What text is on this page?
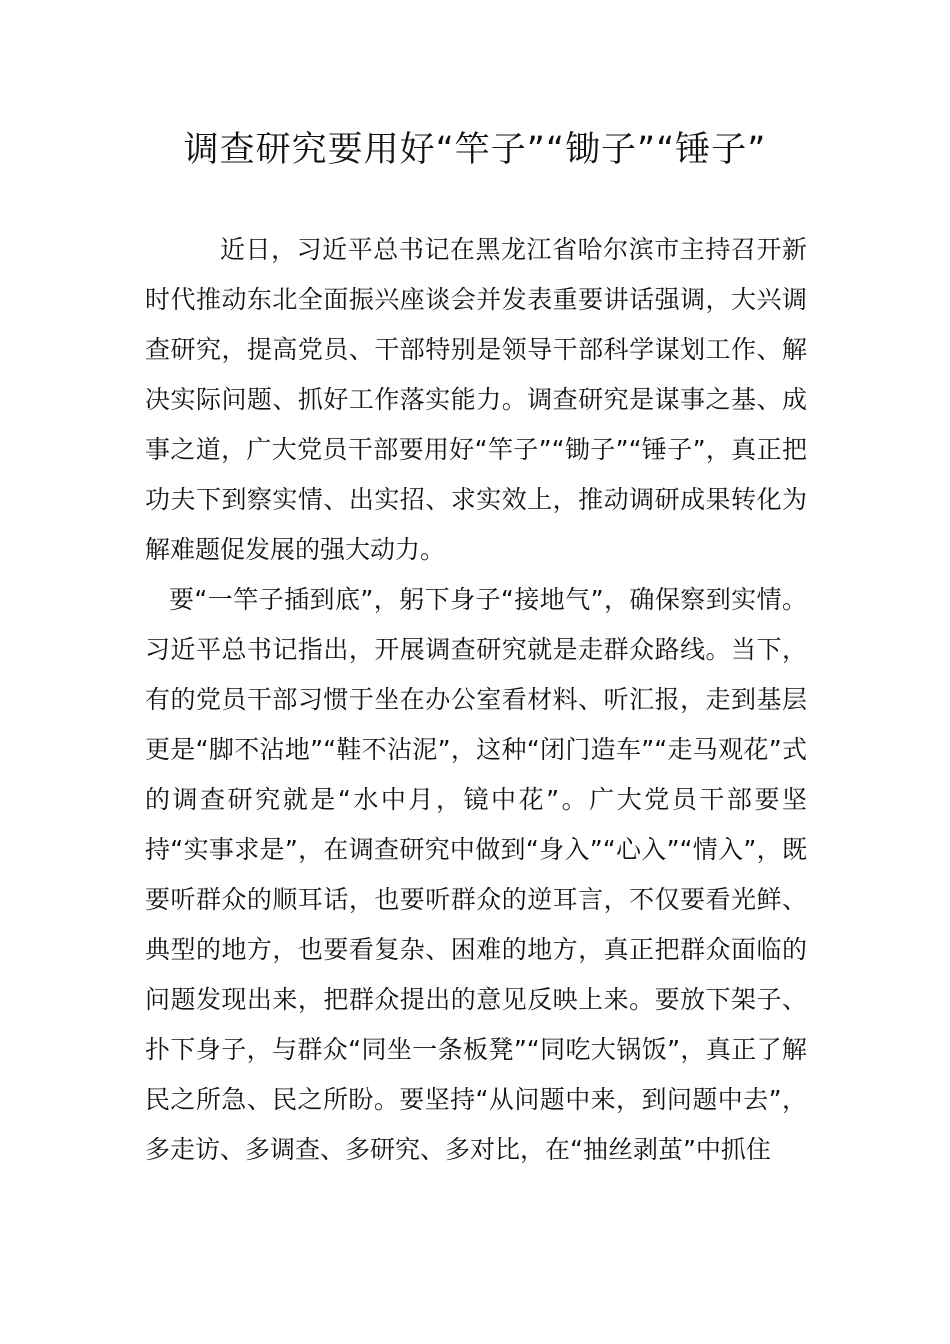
调查研究要用好“竿子”“锄子”“锤子”

近日，习近平总书记在黑龙江省哈尔滨市主持召开新时代推动东北全面振兴座谈会并发表重要讲话强调，大兴调查研究，提高党员、干部特别是领导干部科学谋划工作、解决实际问题、抓好工作落实能力。调查研究是谋事之基、成事之道，广大党员干部要用好“竿子”“锄子”“锤子”，真正把功夫下到察实情、出实招、求实效上，推动调研成果转化为解难题促发展的强大动力。

要“一竿子插到底”，躬下身子“接地气”，确保察到实情。习近平总书记指出，开展调查研究就是走群众路线。当下，有的党员干部习惯于坐在办公室看材料、听汇报，走到基层更是“脚不沾地”“鞋不沾泥”，这种“闭门造车”“走马观花”式的调查研究就是“水中月，镜中花”。广大党员干部要坚持“实事求是”，在调查研究中做到“身入”“心入”“情入”，既要听群众的顺耳话，也要听群众的逆耳言，不仅要看光鲜、典型的地方，也要看复杂、困难的地方，真正把群众面临的问题发现出来，把群众提出的意见反映上来。要放下架子、扑下身子，与群众“同坐一条板凳”“同吃大锅饭”，真正了解民之所急、民之所盼。要坚持“从问题中来，到问题中去”，多走访、多调查、多研究、多对比，在“抽丝剥茧”中抓住
